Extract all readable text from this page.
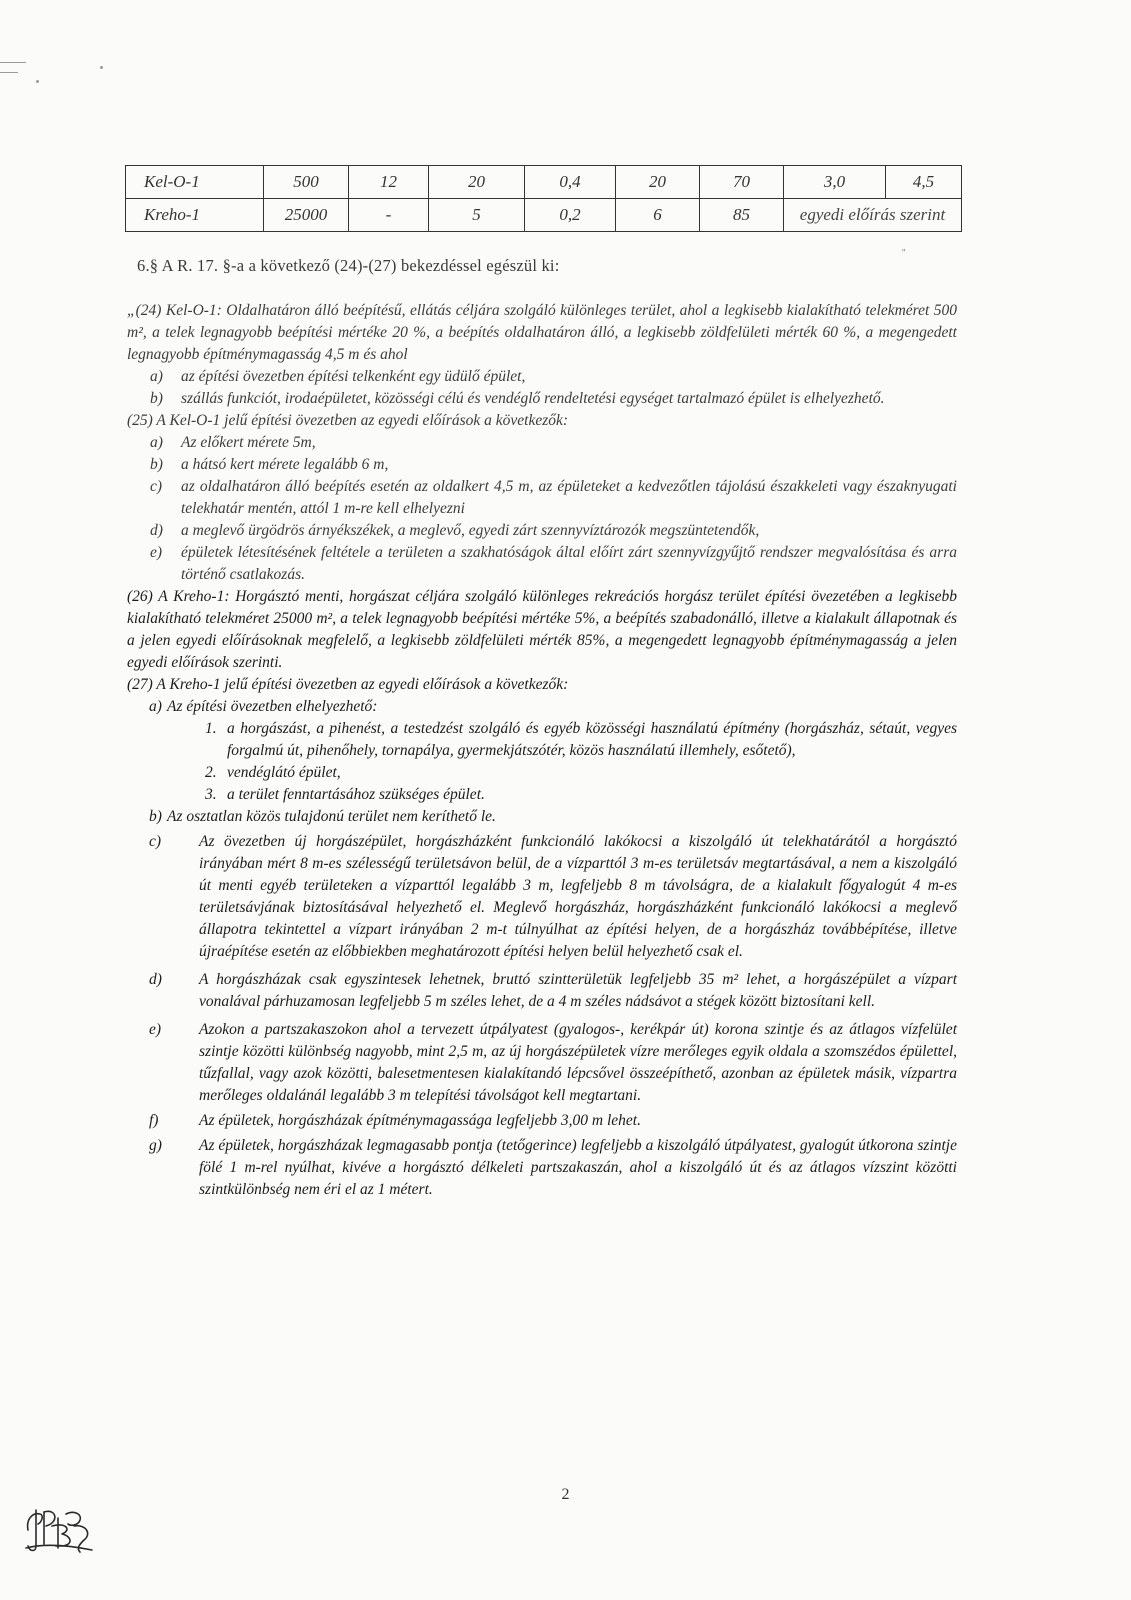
Kel-O-1	500	12	20	0,4	20	70	3,0	4,5
Kreho-1	25000	-	5	0,2	6	85	egyedi előírás szerint	
6.§ A R. 17. §-a a következő (24)-(27) bekezdéssel egészül ki:
''

„(24) Kel-O-1: Oldalhatáron álló beépítésű, ellátás céljára szolgáló különleges terület, ahol a legkisebb kialakítható telekméret 500 m², a telek legnagyobb beépítési mértéke 20 %, a beépítés oldalhatáron álló, a legkisebb zöldfelületi mérték 60 %, a megengedett legnagyobb építménymagasság 4,5 m és ahol

a) az építési övezetben építési telkenként egy üdülő épület,

b) szállás funkciót, irodaépületet, közösségi célú és vendéglő rendeltetési egységet tartalmazó épület is elhelyezhető.

(25) A Kel-O-1 jelű építési övezetben az egyedi előírások a következők:

a) Az előkert mérete 5m,

b) a hátsó kert mérete legalább 6 m,

c) az oldalhatáron álló beépítés esetén az oldalkert 4,5 m, az épületeket a kedvezőtlen tájolású északkeleti vagy északnyugati telekhatár mentén, attól 1 m-re kell elhelyezni

d) a meglevő ürgödrös árnyékszékek, a meglevő, egyedi zárt szennyvíztározók megszüntetendők,

e) épületek létesítésének feltétele a területen a szakhatóságok által előírt zárt szennyvízgyűjtő rendszer megvalósítása és arra történő csatlakozás.

(26) A Kreho-1: Horgásztó menti, horgászat céljára szolgáló különleges rekreációs horgász terület építési övezetében a legkisebb kialakítható telekméret 25000 m², a telek legnagyobb beépítési mértéke 5%, a beépítés szabadonálló, illetve a kialakult állapotnak és a jelen egyedi előírásoknak megfelelő, a legkisebb zöldfelületi mérték 85%, a megengedett legnagyobb építménymagasság a jelen egyedi előírások szerinti.

(27) A Kreho-1 jelű építési övezetben az egyedi előírások a következők:

a) Az építési övezetben elhelyezhető:

1. a horgászást, a pihenést, a testedzést szolgáló és egyéb közösségi használatú építmény (horgászház, sétaút, vegyes forgalmú út, pihenőhely, tornapálya, gyermekjátszótér, közös használatú illemhely, esőtető),

2. vendéglátó épület,

3. a terület fenntartásához szükséges épület.

b) Az osztatlan közös tulajdonú terület nem keríthető le.

c) Az övezetben új horgászépület, horgászházként funkcionáló lakókocsi a kiszolgáló út telekhatárától a horgásztó irányában mért 8 m-es szélességű területsávon belül, de a vízparttól 3 m-es területsáv megtartásával, a nem a kiszolgáló út menti egyéb területeken a vízparttól legalább 3 m, legfeljebb 8 m távolságra, de a kialakult főgyalogút 4 m-es területsávjának biztosításával helyezhető el. Meglevő horgászház, horgászházként funkcionáló lakókocsi a meglevő állapotra tekintettel a vízpart irányában 2 m-t túlnyúlhat az építési helyen, de a horgászház továbbépítése, illetve újraépítése esetén az előbbiekben meghatározott építési helyen belül helyezhető csak el.

d) A horgászházak csak egyszintesek lehetnek, bruttó szintterületük legfeljebb 35 m² lehet, a horgászépület a vízpart vonalával párhuzamosan legfeljebb 5 m széles lehet, de a 4 m széles nádsávot a stégek között biztosítani kell.

e) Azokon a partszakaszokon ahol a tervezett útpályatest (gyalogos-, kerékpár út) korona szintje és az átlagos vízfelület szintje közötti különbség nagyobb, mint 2,5 m, az új horgászépületek vízre merőleges egyik oldala a szomszédos épülettel, tűzfallal, vagy azok közötti, balesetmentesen kialakítandó lépcsővel összeépíthető, azonban az épületek másik, vízpartra merőleges oldalánál legalább 3 m telepítési távolságot kell megtartani.

f)	Az épületek, horgászházak építménymagassága legfeljebb 3,00 m lehet.

g) Az épületek, horgászházak legmagasabb pontja (tetőgerince) legfeljebb a kiszolgáló útpályatest, gyalogút útkorona szintje fölé 1 m-rel nyúlhat, kivéve a horgásztó délkeleti partszakaszán, ahol a kiszolgáló út és az átlagos vízszint közötti szintkülönbség nem éri el az 1 métert.

2
